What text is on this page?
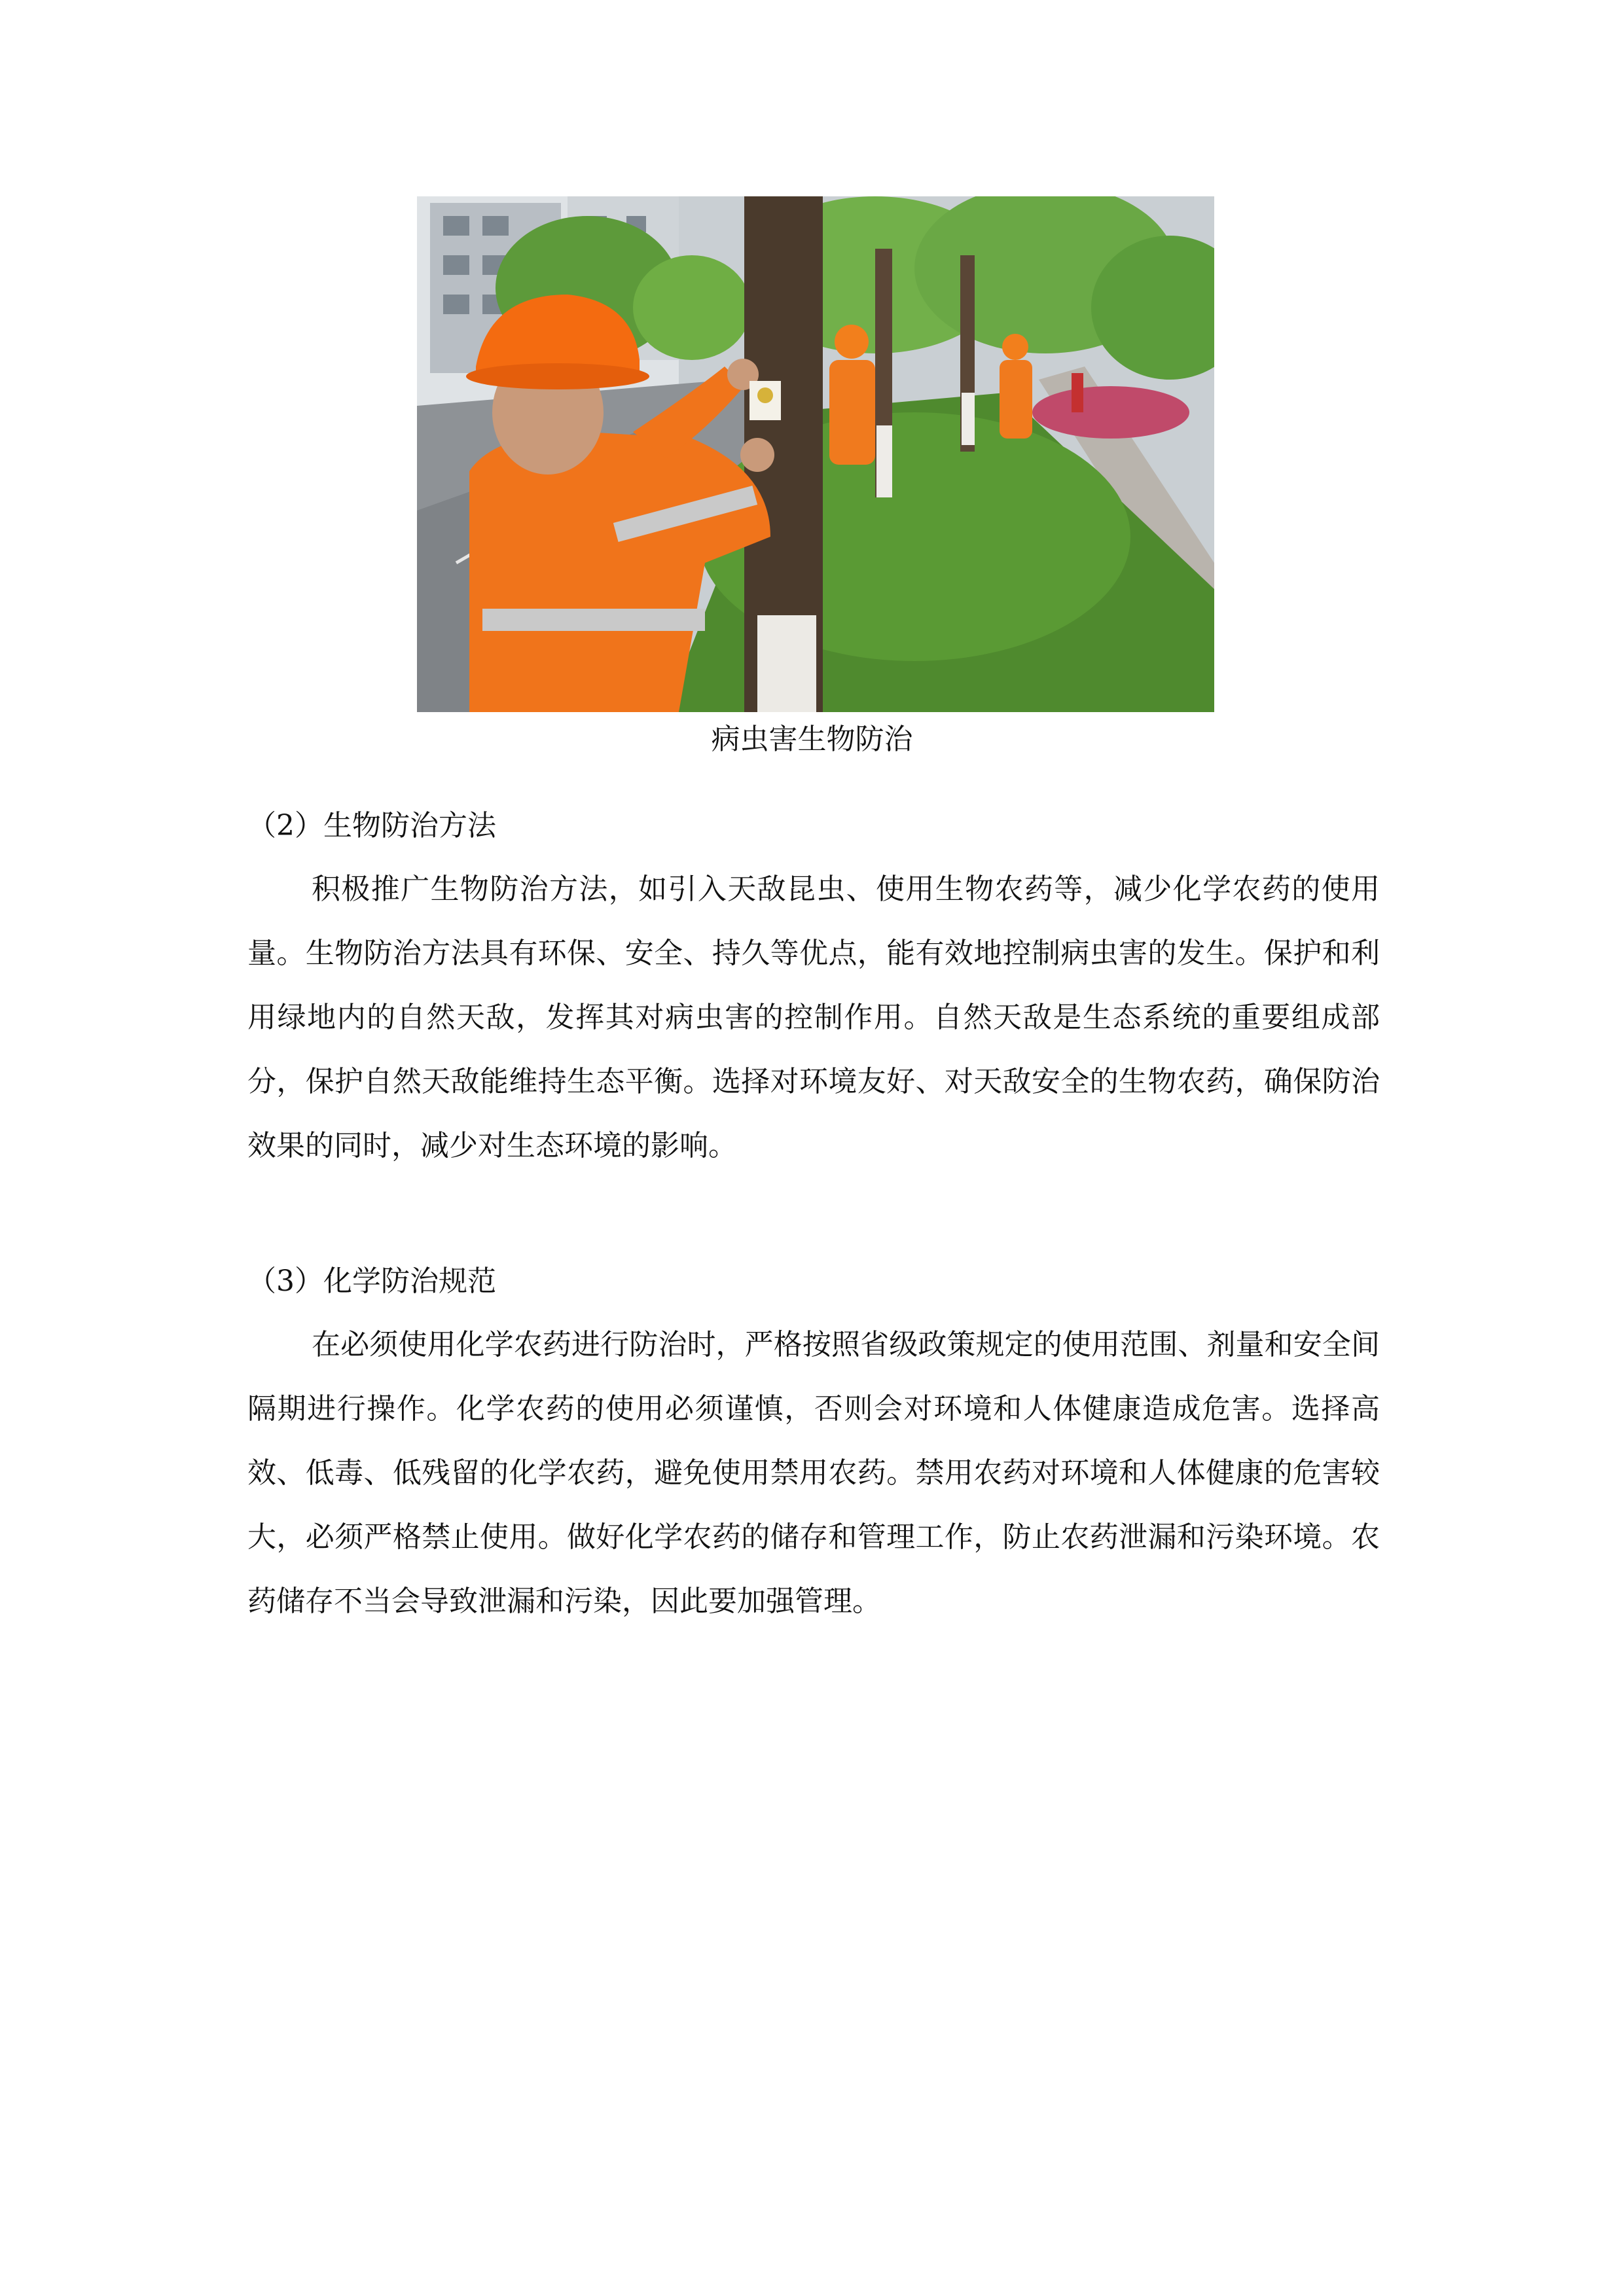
病虫害生物防治
（2）生物防治方法

积极推广生物防治方法，如引入天敌昆虫、使用生物农药等，减少化学农药的使用量。生物防治方法具有环保、安全、持久等优点，能有效地控制病虫害的发生。保护和利用绿地内的自然天敌，发挥其对病虫害的控制作用。自然天敌是生态系统的重要组成部分，保护自然天敌能维持生态平衡。选择对环境友好、对天敌安全的生物农药，确保防治效果的同时，减少对生态环境的影响。

（3）化学防治规范

在必须使用化学农药进行防治时，严格按照省级政策规定的使用范围、剂量和安全间隔期进行操作。化学农药的使用必须谨慎，否则会对环境和人体健康造成危害。选择高效、低毒、低残留的化学农药，避免使用禁用农药。禁用农药对环境和人体健康的危害较大，必须严格禁止使用。做好化学农药的储存和管理工作，防止农药泄漏和污染环境。农药储存不当会导致泄漏和污染，因此要加强管理。
